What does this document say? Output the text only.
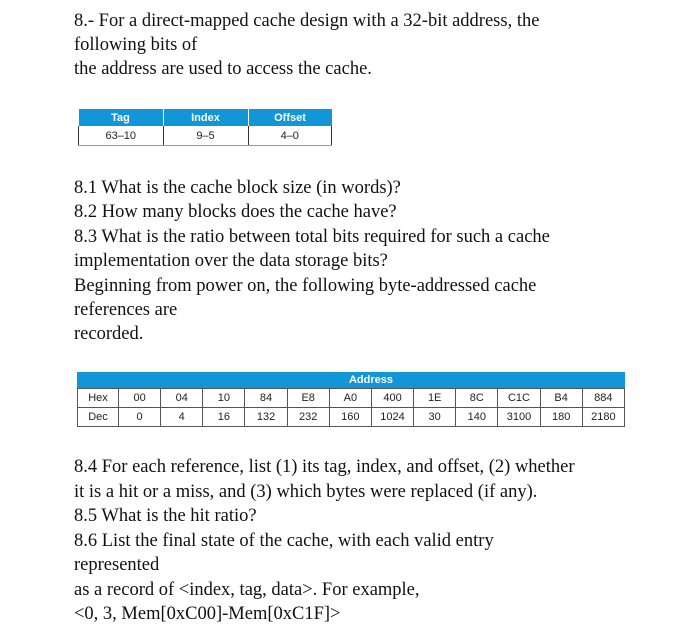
8.- For a direct-mapped cache design with a 32-bit address, the

following bits of

the address are used to access the cache.

Tag	Index	Offset
63–10	9–5	4–0

8.1 What is the cache block size (in words)?

8.2 How many blocks does the cache have?

8.3 What is the ratio between total bits required for such a cache

implementation over the data storage bits?

Beginning from power on, the following byte-addressed cache

references are

recorded.

Address
Hex	00	04	10	84	E8	A0	400	1E	8C	C1C	B4	884
Dec	0	4	16	132	232	160	1024	30	140	3100	180	2180

8.4 For each reference, list (1) its tag, index, and offset, (2) whether

it is a hit or a miss, and (3) which bytes were replaced (if any).

8.5 What is the hit ratio?

8.6 List the final state of the cache, with each valid entry

represented

as a record of <index, tag, data>. For example,

<0, 3, Mem[0xC00]-Mem[0xC1F]>
